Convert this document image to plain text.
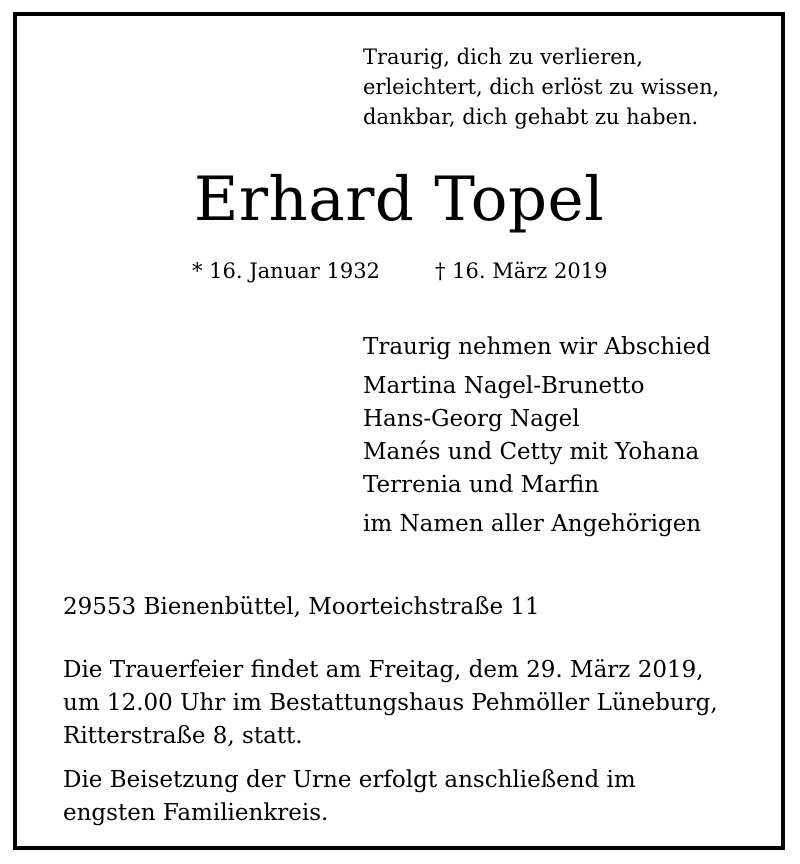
Traurig, dich zu verlieren,
erleichtert, dich erlöst zu wissen,
dankbar, dich gehabt zu haben.
Erhard Topel
* 16. Januar 1932	† 16. März 2019
Traurig nehmen wir Abschied
Martina Nagel-Brunetto
Hans-Georg Nagel
Manés und Cetty mit Yohana
Terrenia und Marfin
im Namen aller Angehörigen
29553 Bienenbüttel, Moorteichstraße 11
Die Trauerfeier findet am Freitag, dem 29. März 2019,
um 12.00 Uhr im Bestattungshaus Pehmöller Lüneburg,
Ritterstraße 8, statt.
Die Beisetzung der Urne erfolgt anschließend im
engsten Familienkreis.
